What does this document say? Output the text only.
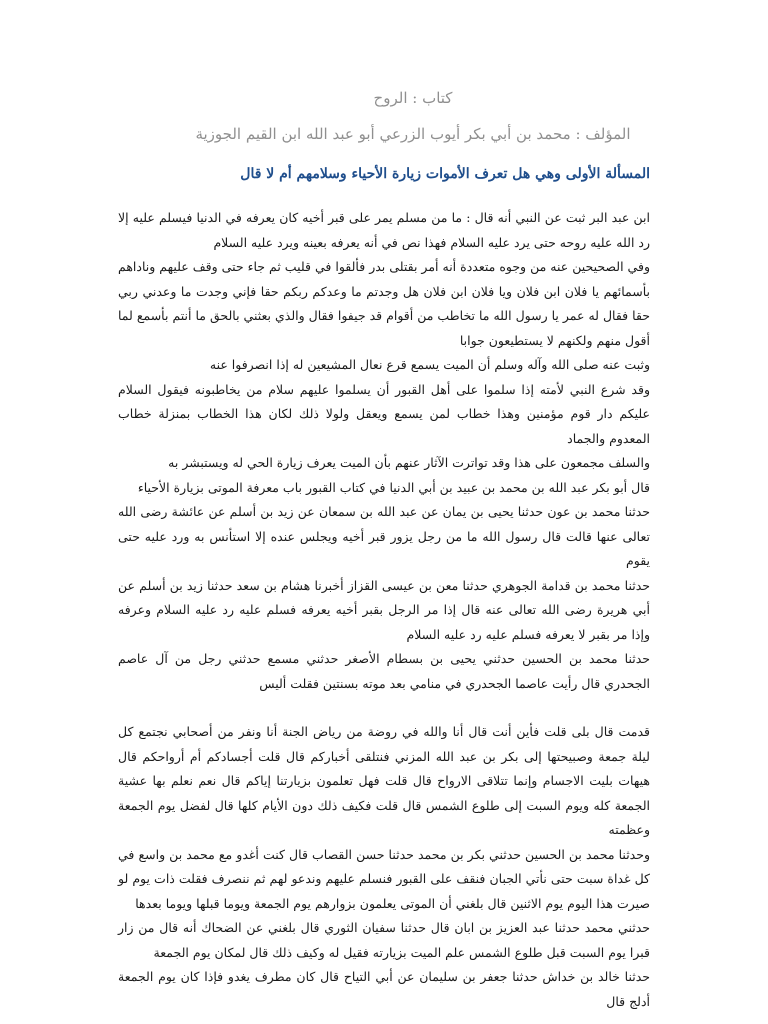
كتاب : الروح

المؤلف : محمد بن أبي بكر أيوب الزرعي أبو عبد الله ابن القيم الجوزية

المسألة الأولى وهي هل تعرف الأموات زيارة الأحياء وسلامهم أم لا قال

ابن عبد البر ثبت عن النبي أنه قال : ما من مسلم يمر على قبر أخيه كان يعرفه في الدنيا فيسلم عليه إلا رد الله عليه روحه حتى يرد عليه السلام فهذا نص في أنه يعرفه بعينه ويرد عليه السلام

وفي الصحيحين عنه من وجوه متعددة أنه أمر بقتلى بدر فألقوا في قليب ثم جاء حتى وقف عليهم وناداهم بأسمائهم يا فلان ابن فلان ويا فلان ابن فلان هل وجدتم ما وعدكم ربكم حقا فإني وجدت ما وعدني ربي حقا فقال له عمر يا رسول الله ما تخاطب من أقوام قد جيفوا فقال والذي بعثني بالحق ما أنتم بأسمع لما أقول منهم ولكنهم لا يستطيعون جوابا

وثبت عنه صلى الله وآله وسلم أن الميت يسمع قرع نعال المشيعين له إذا انصرفوا عنه

وقد شرع النبي لأمته إذا سلموا على أهل القبور أن يسلموا عليهم سلام من يخاطبونه فيقول السلام عليكم دار قوم مؤمنين وهذا خطاب لمن يسمع ويعقل ولولا ذلك لكان هذا الخطاب بمنزلة خطاب المعدوم والجماد

والسلف مجمعون على هذا وقد تواترت الآثار عنهم بأن الميت يعرف زيارة الحي له ويستبشر به

قال أبو بكر عبد الله بن محمد بن عبيد بن أبي الدنيا في كتاب القبور باب معرفة الموتى بزيارة الأحياء

حدثنا محمد بن عون حدثنا يحيى بن يمان عن عبد الله بن سمعان عن زيد بن أسلم عن عائشة رضى الله تعالى عنها قالت قال رسول الله ما من رجل يزور قبر أخيه ويجلس عنده إلا استأنس به ورد عليه حتى يقوم

حدثنا محمد بن قدامة الجوهري حدثنا معن بن عيسى القزاز أخبرنا هشام بن سعد حدثنا زيد بن أسلم عن أبي هريرة رضى الله تعالى عنه قال إذا مر الرجل بقبر أخيه يعرفه فسلم عليه رد عليه السلام وعرفه وإذا مر بقبر لا يعرفه فسلم عليه رد عليه السلام

حدثنا محمد بن الحسين حدثني يحيى بن بسطام الأصغر حدثني مسمع حدثني رجل من آل عاصم الجحدري قال رأيت عاصما الجحدري في منامي بعد موته بسنتين فقلت أليس

قدمت قال بلى قلت فأين أنت قال أنا والله في روضة من رياض الجنة أنا ونفر من أصحابي نجتمع كل ليلة جمعة وصبيحتها إلى بكر بن عبد الله المزني فنتلقى أخباركم قال قلت أجسادكم أم أرواحكم قال هيهات بليت الاجسام وإنما تتلاقى الارواح قال قلت فهل تعلمون بزيارتنا إياكم قال نعم نعلم بها عشية الجمعة كله ويوم السبت إلى طلوع الشمس قال قلت فكيف ذلك دون الأيام كلها قال لفضل يوم الجمعة وعظمته

وحدثنا محمد بن الحسين حدثني بكر بن محمد حدثنا حسن القصاب قال كنت أغدو مع محمد بن واسع في كل غداة سبت حتى نأتي الجبان فنقف على القبور فنسلم عليهم وندعو لهم ثم ننصرف فقلت ذات يوم لو صيرت هذا اليوم يوم الاثنين قال بلغني أن الموتى يعلمون بزوارهم يوم الجمعة ويوما قبلها ويوما بعدها

حدثني محمد حدثنا عبد العزيز بن ابان قال حدثنا سفيان الثوري قال بلغني عن الضحاك أنه قال من زار قبرا يوم السبت قبل طلوع الشمس علم الميت بزيارته فقيل له وكيف ذلك قال لمكان يوم الجمعة

حدثنا خالد بن خداش حدثنا جعفر بن سليمان عن أبي التياح قال كان مطرف يغدو فإذا كان يوم الجمعة أدلج قال
